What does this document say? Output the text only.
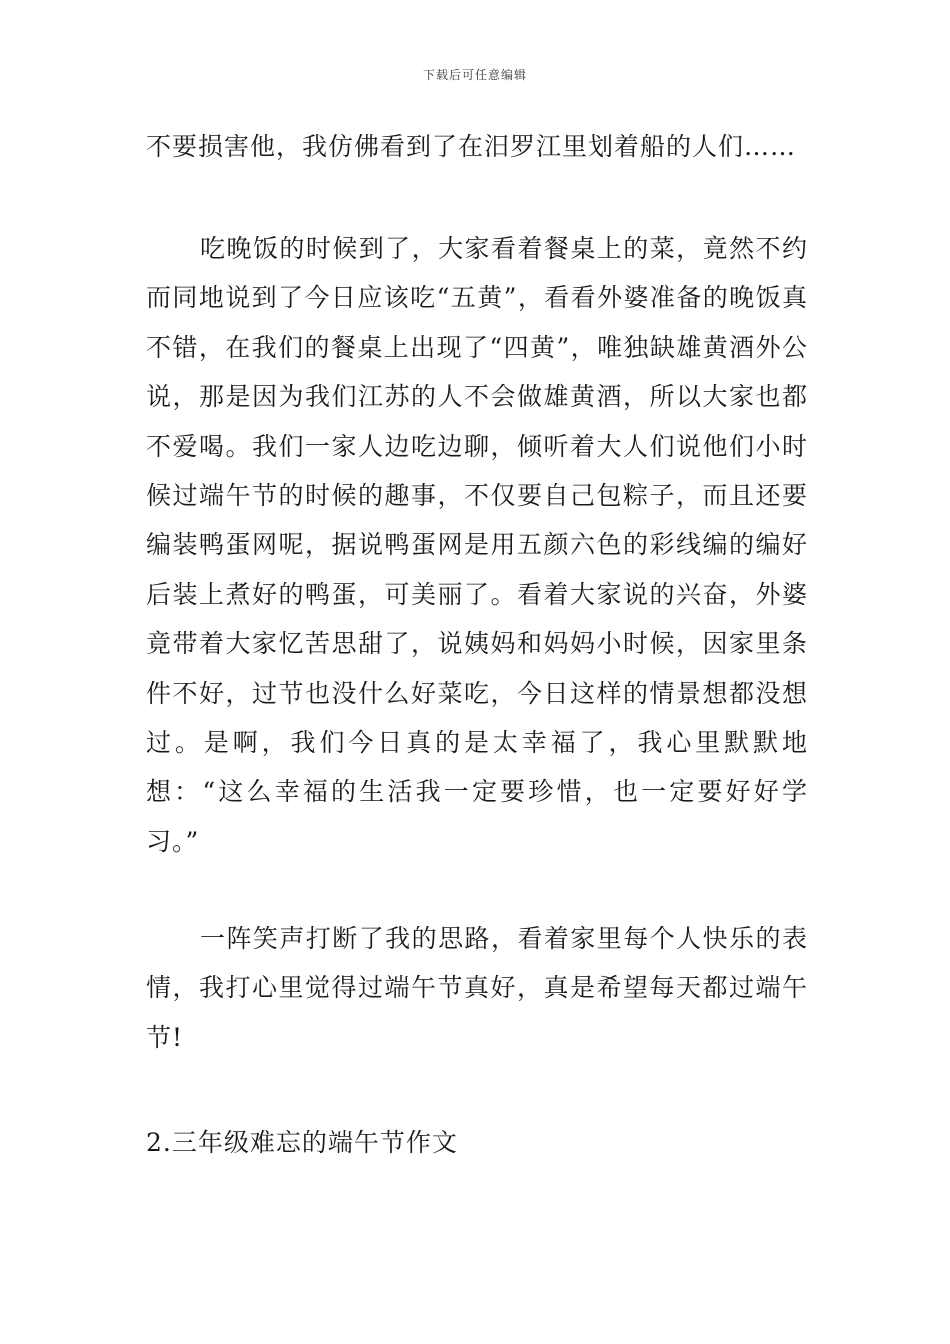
下载后可任意编辑

不要损害他，我仿佛看到了在汨罗江里划着船的人们……

吃晚饭的时候到了，大家看着餐桌上的菜，竟然不约而同地说到了今日应该吃“五黄”，看看外婆准备的晚饭真不错，在我们的餐桌上出现了“四黄”，唯独缺雄黄酒外公说，那是因为我们江苏的人不会做雄黄酒，所以大家也都不爱喝。我们一家人边吃边聊，倾听着大人们说他们小时候过端午节的时候的趣事，不仅要自己包粽子，而且还要编装鸭蛋网呢，据说鸭蛋网是用五颜六色的彩线编的编好后装上煮好的鸭蛋，可美丽了。看着大家说的兴奋，外婆竟带着大家忆苦思甜了，说姨妈和妈妈小时候，因家里条件不好，过节也没什么好菜吃，今日这样的情景想都没想过。是啊，我们今日真的是太幸福了，我心里默默地想：“这么幸福的生活我一定要珍惜，也一定要好好学习。”

一阵笑声打断了我的思路，看着家里每个人快乐的表情，我打心里觉得过端午节真好，真是希望每天都过端午节!

2.三年级难忘的端午节作文
